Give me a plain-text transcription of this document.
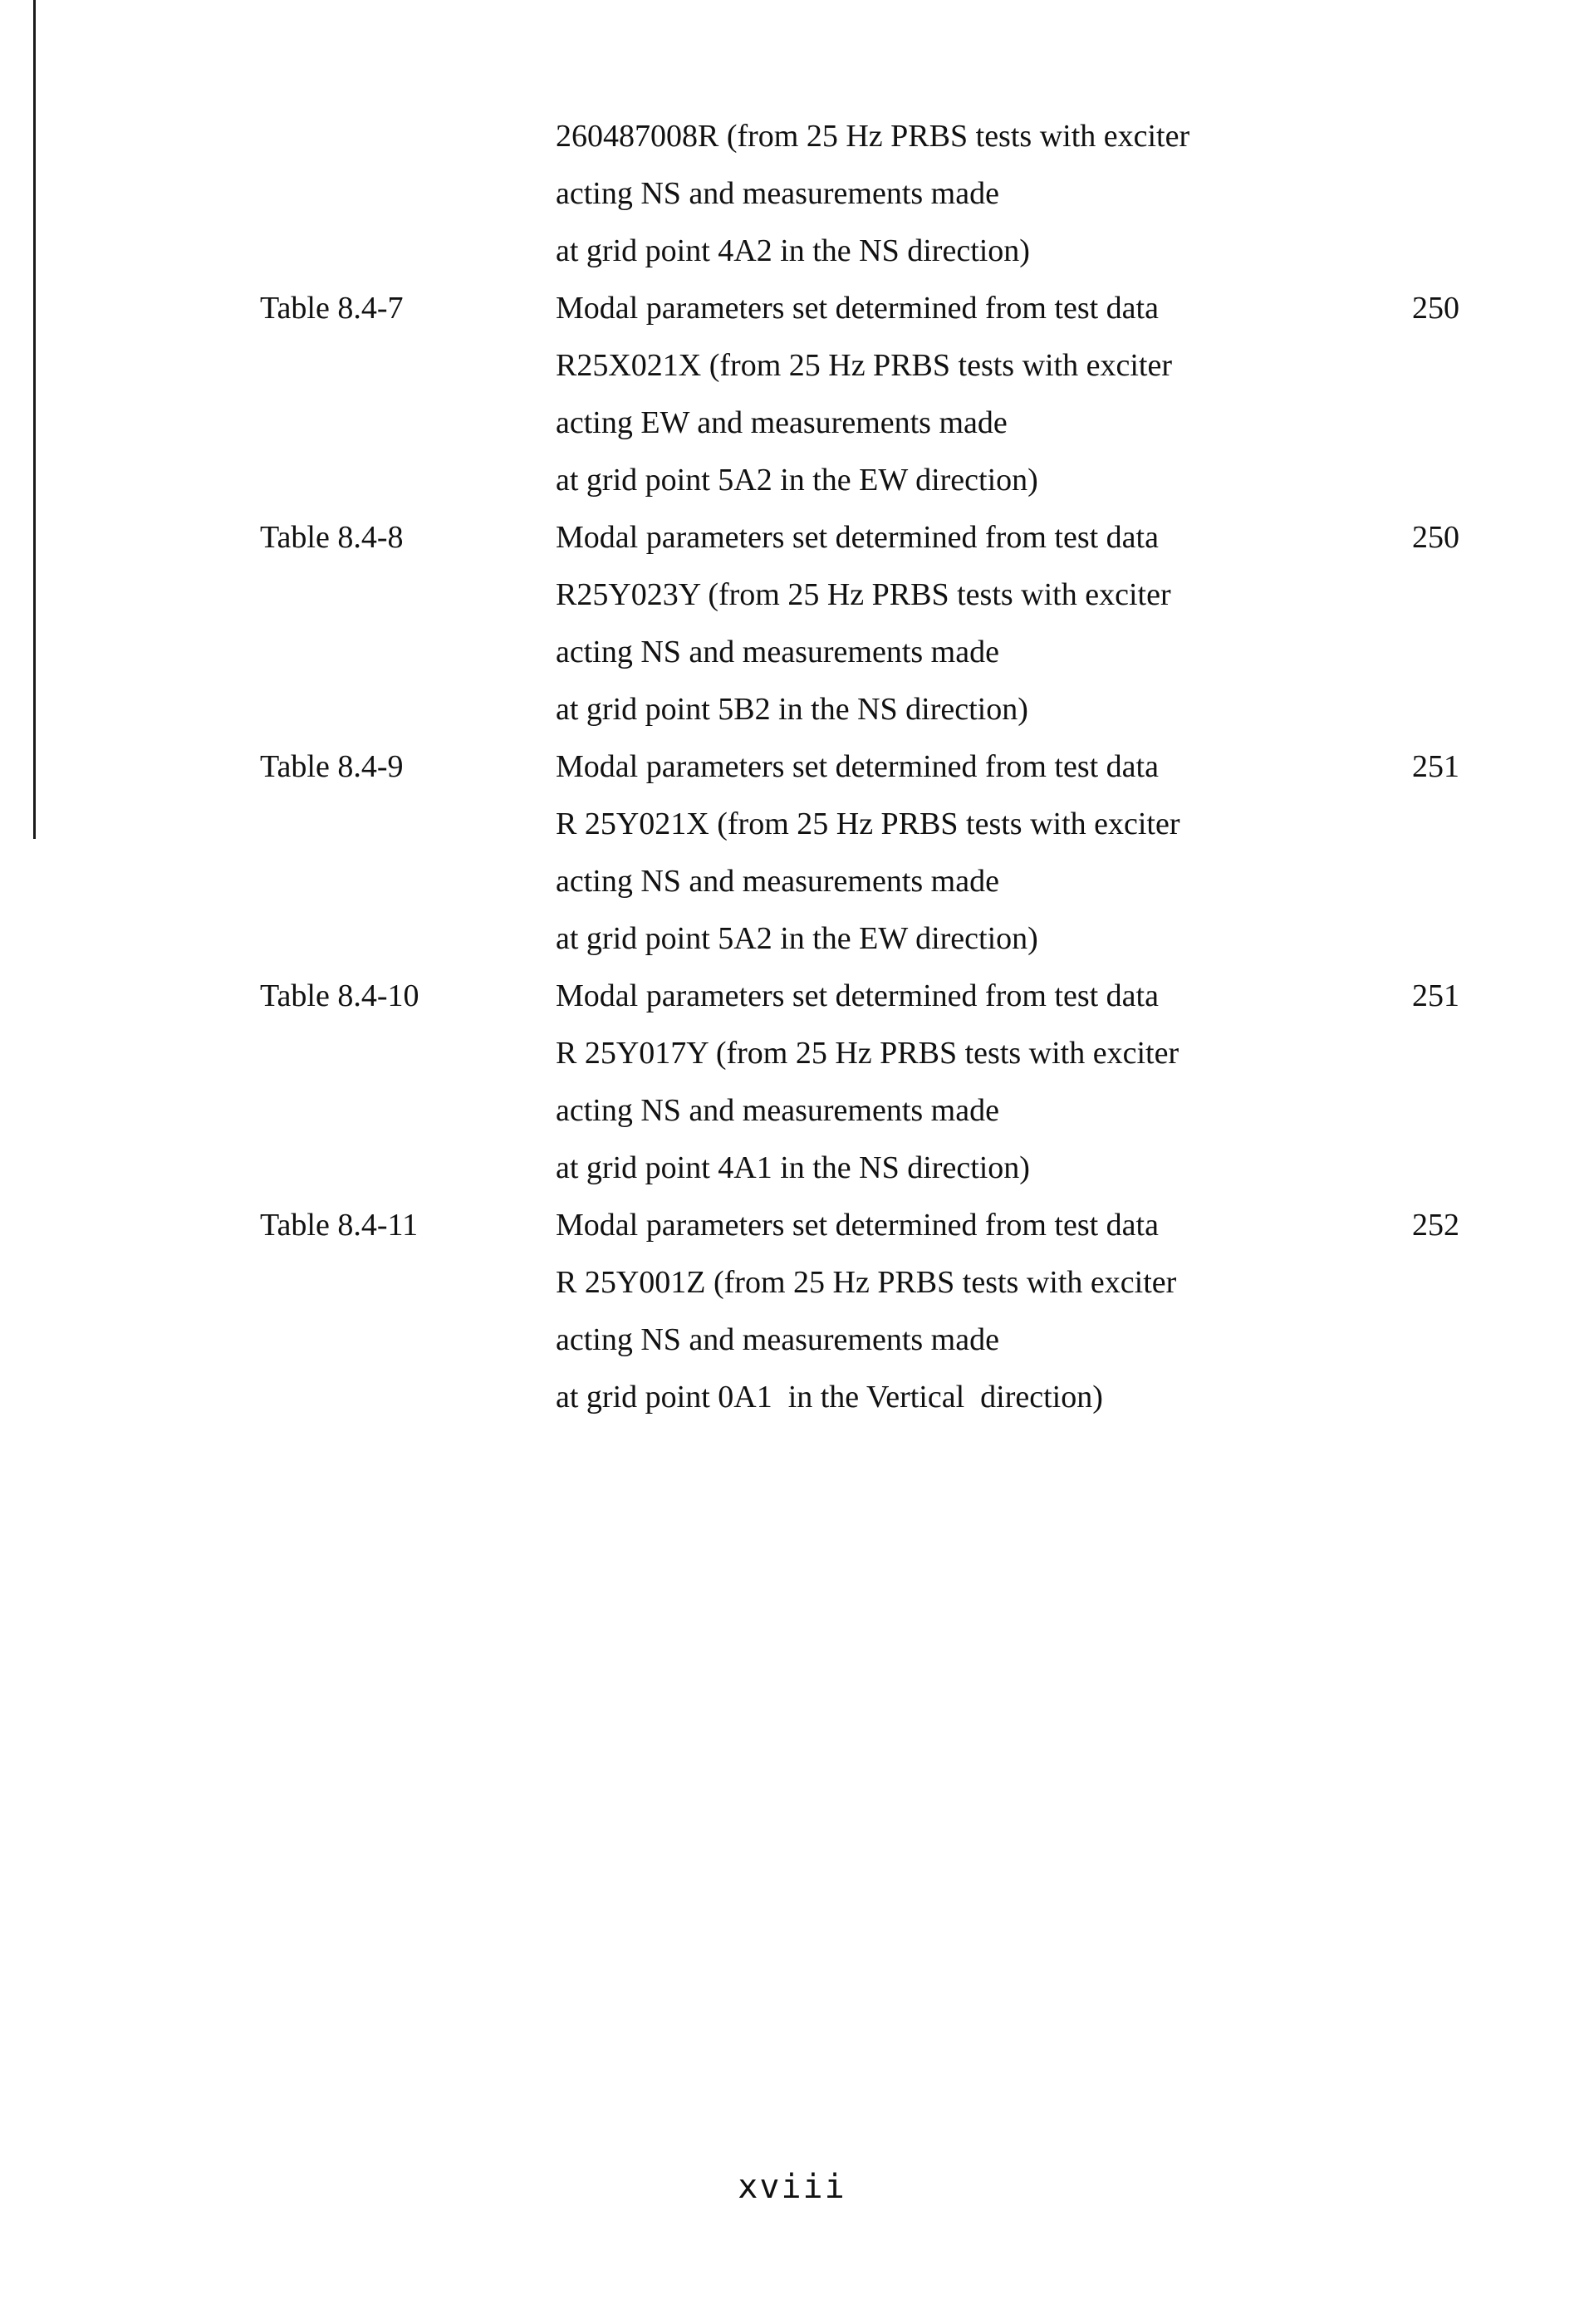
260487008R (from 25 Hz PRBS tests with exciter
acting NS and measurements made
at grid point 4A2 in the NS direction)
Table 8.4-7	Modal parameters set determined from test data	250
R25X021X (from 25 Hz PRBS tests with exciter
acting EW and measurements made
at grid point 5A2 in the EW direction)
Table 8.4-8	Modal parameters set determined from test data	250
R25Y023Y (from 25 Hz PRBS tests with exciter
acting NS and measurements made
at grid point 5B2 in the NS direction)
Table 8.4-9	Modal parameters set determined from test data	251
R 25Y021X (from 25 Hz PRBS tests with exciter
acting NS and measurements made
at grid point 5A2 in the EW direction)
Table 8.4-10	Modal parameters set determined from test data	251
R 25Y017Y (from 25 Hz PRBS tests with exciter
acting NS and measurements made
at grid point 4A1 in the NS direction)
Table 8.4-11	Modal parameters set determined from test data	252
R 25Y001Z (from 25 Hz PRBS tests with exciter
acting NS and measurements made
at grid point 0A1  in the Vertical  direction)
xviii
